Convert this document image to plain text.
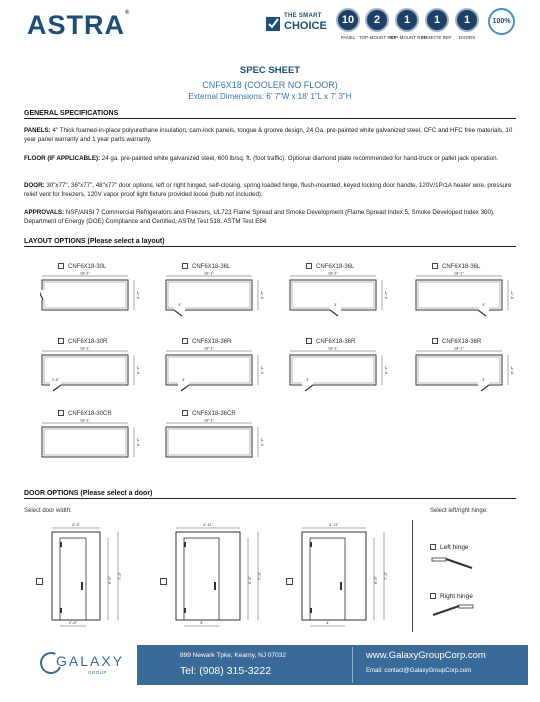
ASTRA®	THE SMART
CHOICE	10
PANEL
2
TOP-MOUNT REF
1
TOP-MOUNT REF
1
REMOTE REF
1
DOORS
100%
SPEC SHEET
CNF6X18 (COOLER NO FLOOR)
External Dimensions: 6' 7"W x 18' 1"L x 7' 3"H
GENERAL SPECIFICATIONS
PANELS: 4" Thick foamed-in-place polyurethane insulation, cam-lock panels, tongue & groove design, 24 Ga. pre-painted white galvanized steel, CFC and HFC free materials, 10 year panel warranty and 1 year parts warranty,
FLOOR (IF APPLICABLE): 24 ga. pre-painted white galvanized steel, 600 lb/sq. ft. (foot traffic). Optional diamond plate recommended for hand-truck or pallet jack operation.
DOOR: 30"x77", 36"x77", 48"x77" door options, left or right hinged, self-closing, spring loaded hinge, flush-mounted, keyed locking door handle, 120V/1P/1A heater wire, pressure relief vent for freezers, 120V vapor proof light fixture provided loose (bulb not included).
APPROVALS: NSF/ANSI 7 Commercial Refrigerators and Freezers, UL723 Flame Spread and Smoke Development (Flame Spread Index 5, Smoke Developed Index 300), Department of Energy (DOE) Compliance and Certified, ASTM Test 518, ASTM Test E84
LAYOUT OPTIONS (Please select a layout)
CNF6X18-30L
18'-1"
6'-7"
CNF6X18-36L
18'-1"
6'-7"
3'
CNF6X18-36L
18'-1"
6'-7"
3'
CNF6X18-36L
18'-1"
6'-7"
3'
CNF6X18-30R
18'-1"
6'-7"
2'-6"
CNF6X18-36R
18'-1"
6'-7"
3'
CNF6X18-36R
18'-1"
6'-7"
3'
CNF6X18-36R
18'-1"
6'-7"
3'
CNF6X18-30CR
18'-1"
6'-7"
CNF6X18-36CR
18'-1"
6'-7"
DOOR OPTIONS (Please select a door)
Select door width:	Select left/right hinge:
3'-3"
6'-5"
7'-3"
2'-6"
4'-11"
6'-5"
7'-3"
3'
4'-11"
6'-5"
7'-3"
4'
Left hinge
Right hinge
GALAXY
GROUP
899 Newark Tpke, Kearny, NJ 07032
Tel: (908) 315-3222
www.GalaxyGroupCorp.com
Email: contact@GalaxyGroupCorp.com
